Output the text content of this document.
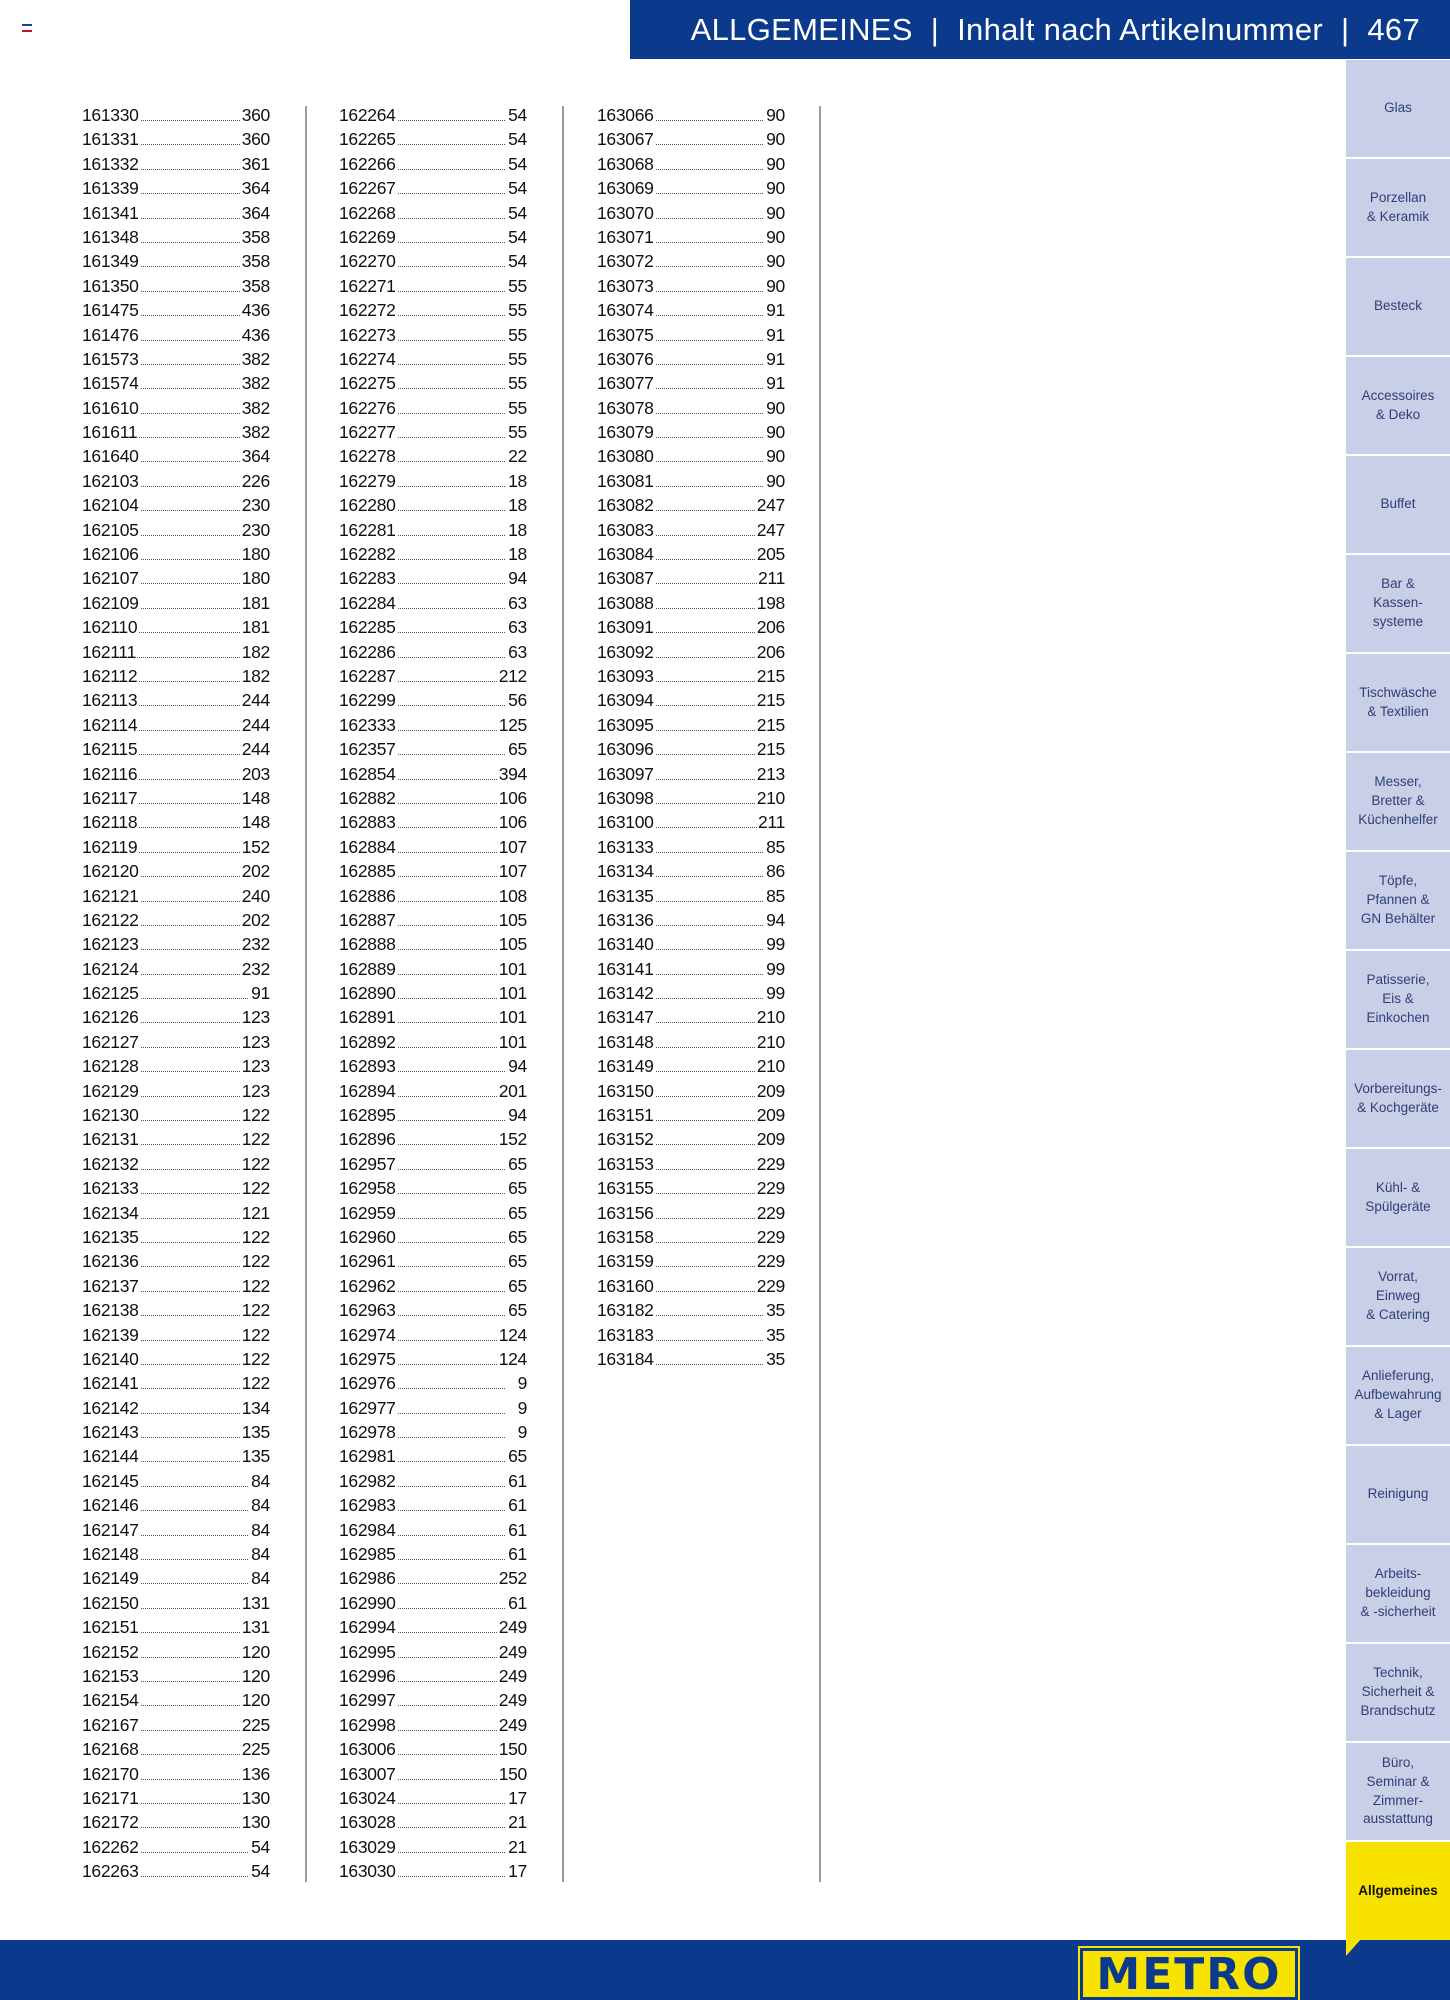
ALLGEMEINES | Inhalt nach Artikelnummer | 467
161330	360
161331	360
161332	361
161339	364
161341	364
161348	358
161349	358
161350	358
161475	436
161476	436
161573	382
161574	382
161610	382
161611	382
161640	364
162103	226
162104	230
162105	230
162106	180
162107	180
162109	181
162110	181
162111	182
162112	182
162113	244
162114	244
162115	244
162116	203
162117	148
162118	148
162119	152
162120	202
162121	240
162122	202
162123	232
162124	232
162125	91
162126	123
162127	123
162128	123
162129	123
162130	122
162131	122
162132	122
162133	122
162134	121
162135	122
162136	122
162137	122
162138	122
162139	122
162140	122
162141	122
162142	134
162143	135
162144	135
162145	84
162146	84
162147	84
162148	84
162149	84
162150	131
162151	131
162152	120
162153	120
162154	120
162167	225
162168	225
162170	136
162171	130
162172	130
162262	54
162263	54
162264	54
162265	54
162266	54
162267	54
162268	54
162269	54
162270	54
162271	55
162272	55
162273	55
162274	55
162275	55
162276	55
162277	55
162278	22
162279	18
162280	18
162281	18
162282	18
162283	94
162284	63
162285	63
162286	63
162287	212
162299	56
162333	125
162357	65
162854	394
162882	106
162883	106
162884	107
162885	107
162886	108
162887	105
162888	105
162889	101
162890	101
162891	101
162892	101
162893	94
162894	201
162895	94
162896	152
162957	65
162958	65
162959	65
162960	65
162961	65
162962	65
162963	65
162974	124
162975	124
162976	9
162977	9
162978	9
162981	65
162982	61
162983	61
162984	61
162985	61
162986	252
162990	61
162994	249
162995	249
162996	249
162997	249
162998	249
163006	150
163007	150
163024	17
163028	21
163029	21
163030	17
163066	90
163067	90
163068	90
163069	90
163070	90
163071	90
163072	90
163073	90
163074	91
163075	91
163076	91
163077	91
163078	90
163079	90
163080	90
163081	90
163082	247
163083	247
163084	205
163087	211
163088	198
163091	206
163092	206
163093	215
163094	215
163095	215
163096	215
163097	213
163098	210
163100	211
163133	85
163134	86
163135	85
163136	94
163140	99
163141	99
163142	99
163147	210
163148	210
163149	210
163150	209
163151	209
163152	209
163153	229
163155	229
163156	229
163158	229
163159	229
163160	229
163182	35
163183	35
163184	35
Glas
Porzellan
& Keramik
Besteck
Accessoires
& Deko
Buffet
Bar &
Kassen-
systeme
Tischwäsche
& Textilien
Messer,
Bretter &
Küchenhelfer
Töpfe,
Pfannen &
GN Behälter
Patisserie,
Eis &
Einkochen
Vorbereitungs-
& Kochgeräte
Kühl- &
Spülgeräte
Vorrat,
Einweg
& Catering
Anlieferung,
Aufbewahrung
& Lager
Reinigung
Arbeits-
bekleidung
& -sicherheit
Technik,
Sicherheit &
Brandschutz
Büro,
Seminar &
Zimmer-
ausstattung
Allgemeines
METRO
